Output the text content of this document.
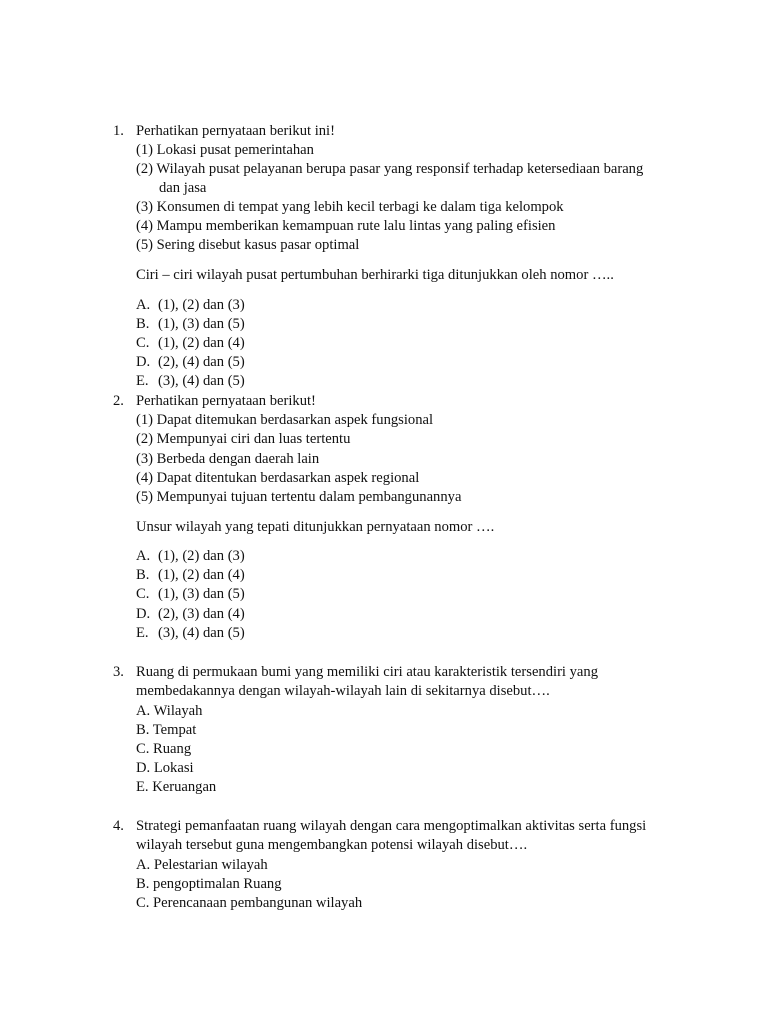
1. Perhatikan pernyataan berikut ini!
(1) Lokasi pusat pemerintahan
(2) Wilayah pusat pelayanan berupa pasar yang responsif terhadap ketersediaan barang
dan jasa
(3) Konsumen di tempat yang lebih kecil terbagi ke dalam tiga kelompok
(4) Mampu memberikan kemampuan rute lalu lintas yang paling efisien
(5) Sering disebut kasus pasar optimal
Ciri – ciri wilayah pusat pertumbuhan berhirarki tiga ditunjukkan oleh nomor …..
A. (1), (2) dan (3)
B. (1), (3) dan (5)
C. (1), (2) dan (4)
D. (2), (4) dan (5)
E. (3), (4) dan (5)
2. Perhatikan pernyataan berikut!
(1) Dapat ditemukan berdasarkan aspek fungsional
(2) Mempunyai ciri dan luas tertentu
(3) Berbeda dengan daerah lain
(4) Dapat ditentukan berdasarkan aspek regional
(5) Mempunyai tujuan tertentu dalam pembangunannya
Unsur wilayah yang tepati ditunjukkan pernyataan nomor ….
A. (1), (2) dan (3)
B. (1), (2) dan (4)
C. (1), (3) dan (5)
D. (2), (3) dan (4)
E. (3), (4) dan (5)
3. Ruang di permukaan bumi yang memiliki ciri atau karakteristik tersendiri yang
membedakannya dengan wilayah-wilayah lain di sekitarnya disebut….
A. Wilayah
B. Tempat
C. Ruang
D. Lokasi
E. Keruangan
4. Strategi pemanfaatan ruang wilayah dengan cara mengoptimalkan aktivitas serta fungsi
wilayah tersebut guna mengembangkan potensi wilayah disebut….
A. Pelestarian wilayah
B. pengoptimalan Ruang
C. Perencanaan pembangunan wilayah
